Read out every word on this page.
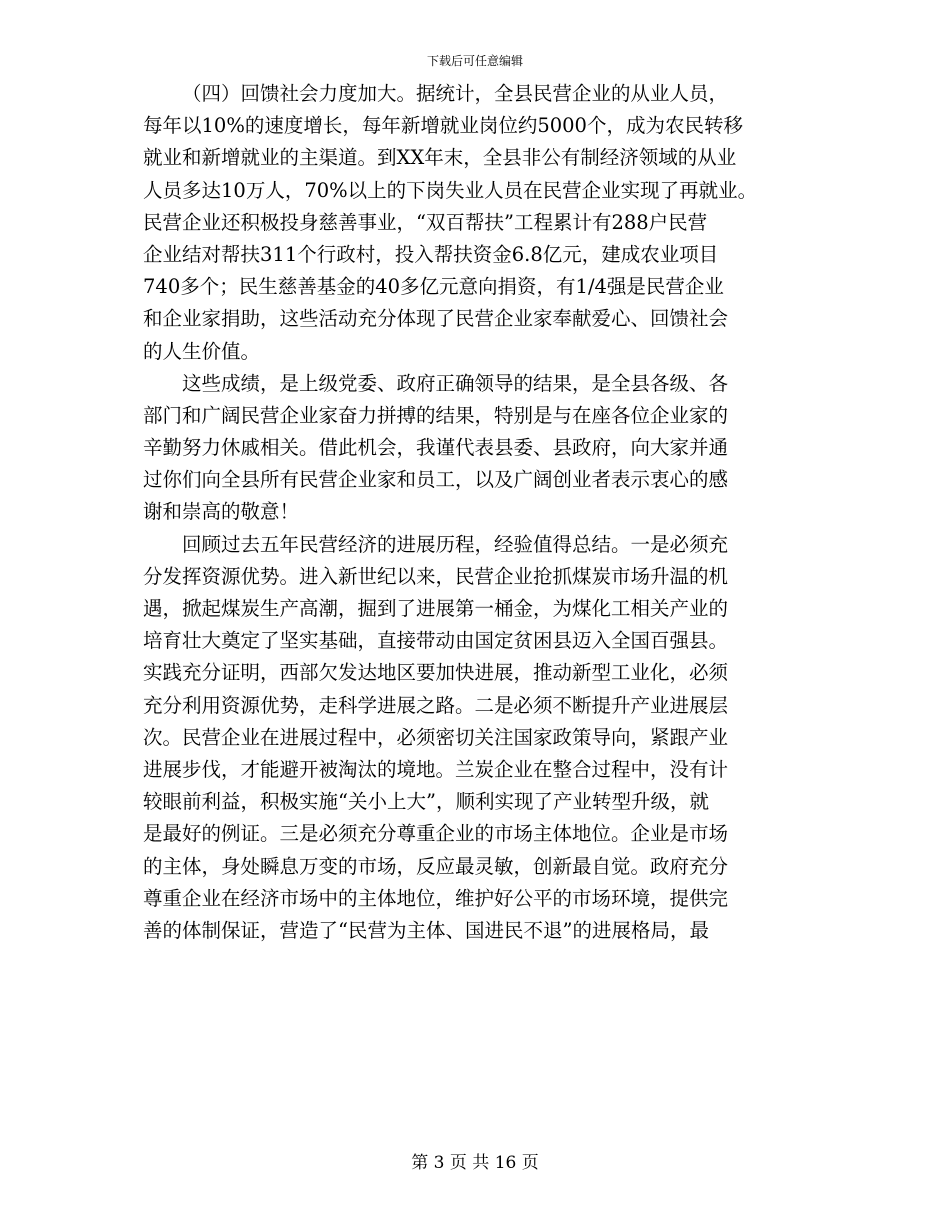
下载后可任意编辑

（四）回馈社会力度加大。据统计，全县民营企业的从业人员，
每年以10%的速度增长，每年新增就业岗位约5000个，成为农民转移
就业和新增就业的主渠道。到XX年末，全县非公有制经济领域的从业
人员多达10万人，70%以上的下岗失业人员在民营企业实现了再就业。
民营企业还积极投身慈善事业，“双百帮扶”工程累计有288户民营
企业结对帮扶311个行政村，投入帮扶资金6.8亿元，建成农业项目
740多个；民生慈善基金的40多亿元意向捐资，有1/4强是民营企业
和企业家捐助，这些活动充分体现了民营企业家奉献爱心、回馈社会
的人生价值。

这些成绩，是上级党委、政府正确领导的结果，是全县各级、各
部门和广阔民营企业家奋力拼搏的结果，特别是与在座各位企业家的
辛勤努力休戚相关。借此机会，我谨代表县委、县政府，向大家并通
过你们向全县所有民营企业家和员工，以及广阔创业者表示衷心的感
谢和崇高的敬意！

回顾过去五年民营经济的进展历程，经验值得总结。一是必须充
分发挥资源优势。进入新世纪以来，民营企业抢抓煤炭市场升温的机
遇，掀起煤炭生产高潮，掘到了进展第一桶金，为煤化工相关产业的
培育壮大奠定了坚实基础，直接带动由国定贫困县迈入全国百强县。
实践充分证明，西部欠发达地区要加快进展，推动新型工业化，必须
充分利用资源优势，走科学进展之路。二是必须不断提升产业进展层
次。民营企业在进展过程中，必须密切关注国家政策导向，紧跟产业
进展步伐，才能避开被淘汰的境地。兰炭企业在整合过程中，没有计
较眼前利益，积极实施“关小上大”，顺利实现了产业转型升级，就
是最好的例证。三是必须充分尊重企业的市场主体地位。企业是市场
的主体，身处瞬息万变的市场，反应最灵敏，创新最自觉。政府充分
尊重企业在经济市场中的主体地位，维护好公平的市场环境，提供完
善的体制保证，营造了“民营为主体、国进民不退”的进展格局，最

第 3 页 共 16 页
